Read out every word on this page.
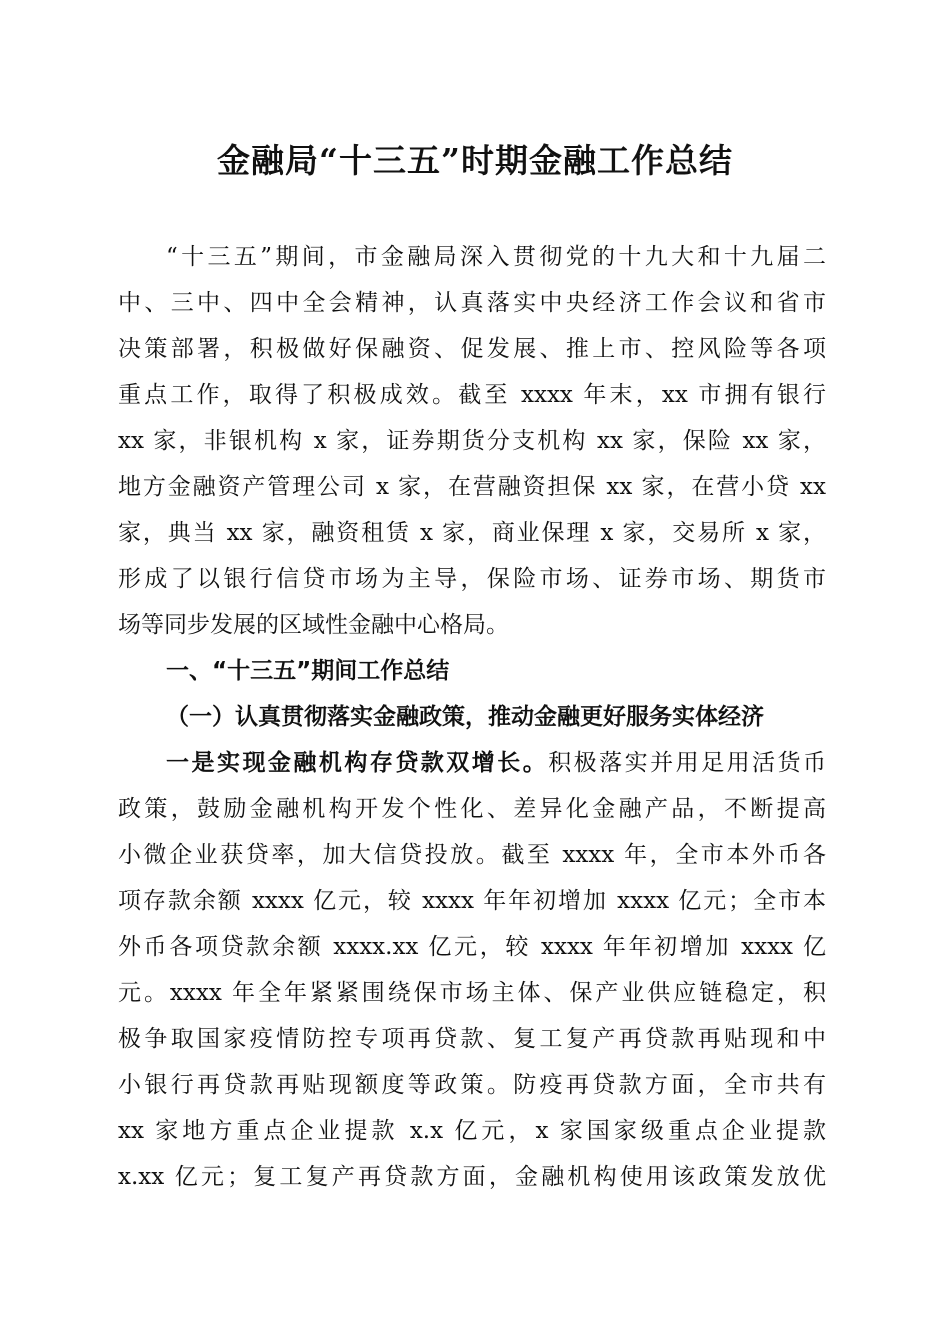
金融局“十三五”时期金融工作总结
“十三五”期间，市金融局深入贯彻党的十九大和十九届二
中、三中、四中全会精神，认真落实中央经济工作会议和省市
决策部署，积极做好保融资、促发展、推上市、控风险等各项
重点工作，取得了积极成效。截至 xxxx 年末，xx 市拥有银行
xx 家，非银机构 x 家，证券期货分支机构 xx 家，保险 xx 家，
地方金融资产管理公司 x 家，在营融资担保 xx 家，在营小贷 xx
家，典当 xx 家，融资租赁 x 家，商业保理 x 家，交易所 x 家，
形成了以银行信贷市场为主导，保险市场、证券市场、期货市
场等同步发展的区域性金融中心格局。
一、“十三五”期间工作总结
（一）认真贯彻落实金融政策，推动金融更好服务实体经济
一是实现金融机构存贷款双增长。积极落实并用足用活货币
政策，鼓励金融机构开发个性化、差异化金融产品，不断提高
小微企业获贷率，加大信贷投放。截至 xxxx 年，全市本外币各
项存款余额 xxxx 亿元，较 xxxx 年年初增加 xxxx 亿元；全市本
外币各项贷款余额 xxxx.xx 亿元，较 xxxx 年年初增加 xxxx 亿
元。xxxx 年全年紧紧围绕保市场主体、保产业供应链稳定，积
极争取国家疫情防控专项再贷款、复工复产再贷款再贴现和中
小银行再贷款再贴现额度等政策。防疫再贷款方面，全市共有
xx 家地方重点企业提款 x.x 亿元，x 家国家级重点企业提款
x.xx 亿元；复工复产再贷款方面，金融机构使用该政策发放优
